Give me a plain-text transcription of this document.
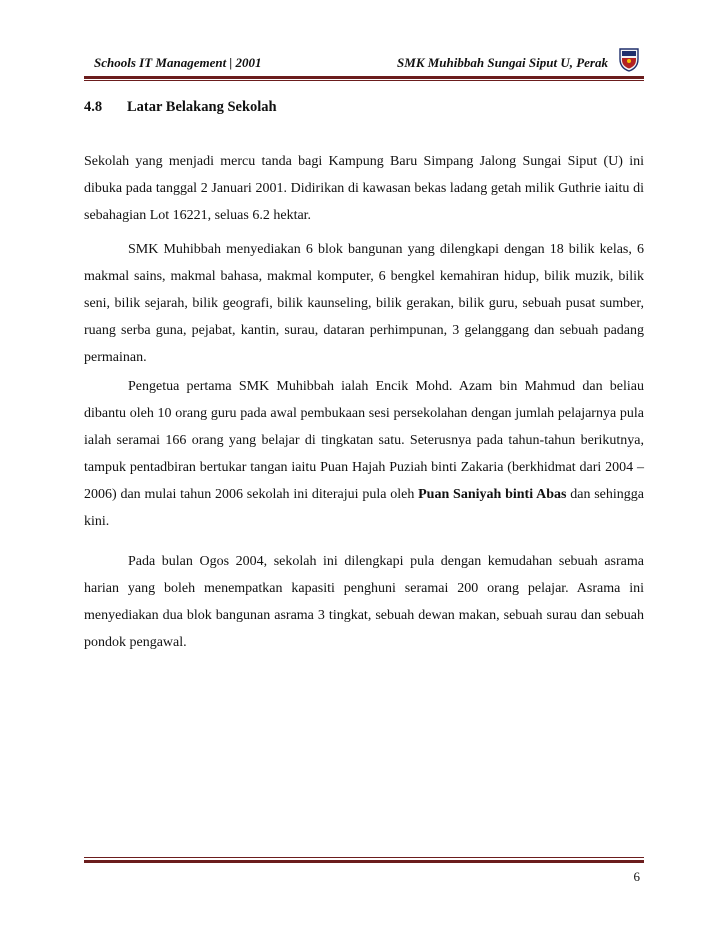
Schools IT Management | 2001	SMK Muhibbah Sungai Siput U, Perak
4.8 Latar Belakang Sekolah

Sekolah yang menjadi mercu tanda bagi Kampung Baru Simpang Jalong Sungai Siput (U) ini dibuka pada tanggal 2 Januari 2001. Didirikan di kawasan bekas ladang getah milik Guthrie iaitu di sebahagian Lot 16221, seluas 6.2 hektar.

SMK Muhibbah menyediakan 6 blok bangunan yang dilengkapi dengan 18 bilik kelas, 6 makmal sains, makmal bahasa, makmal komputer, 6 bengkel kemahiran hidup, bilik muzik, bilik seni, bilik sejarah, bilik geografi, bilik kaunseling, bilik gerakan, bilik guru, sebuah pusat sumber, ruang serba guna, pejabat, kantin, surau, dataran perhimpunan, 3 gelanggang dan sebuah padang permainan.

Pengetua pertama SMK Muhibbah ialah Encik Mohd. Azam bin Mahmud dan beliau dibantu oleh 10 orang guru pada awal pembukaan sesi persekolahan dengan jumlah pelajarnya pula ialah seramai 166 orang yang belajar di tingkatan satu. Seterusnya pada tahun-tahun berikutnya, tampuk pentadbiran bertukar tangan iaitu Puan Hajah Puziah binti Zakaria (berkhidmat dari 2004 – 2006) dan mulai tahun 2006 sekolah ini diterajui pula oleh Puan Saniyah binti Abas dan sehingga kini.

Pada bulan Ogos 2004, sekolah ini dilengkapi pula dengan kemudahan sebuah asrama harian yang boleh menempatkan kapasiti penghuni seramai 200 orang pelajar. Asrama ini menyediakan dua blok bangunan asrama 3 tingkat, sebuah dewan makan, sebuah surau dan sebuah pondok pengawal.

6
